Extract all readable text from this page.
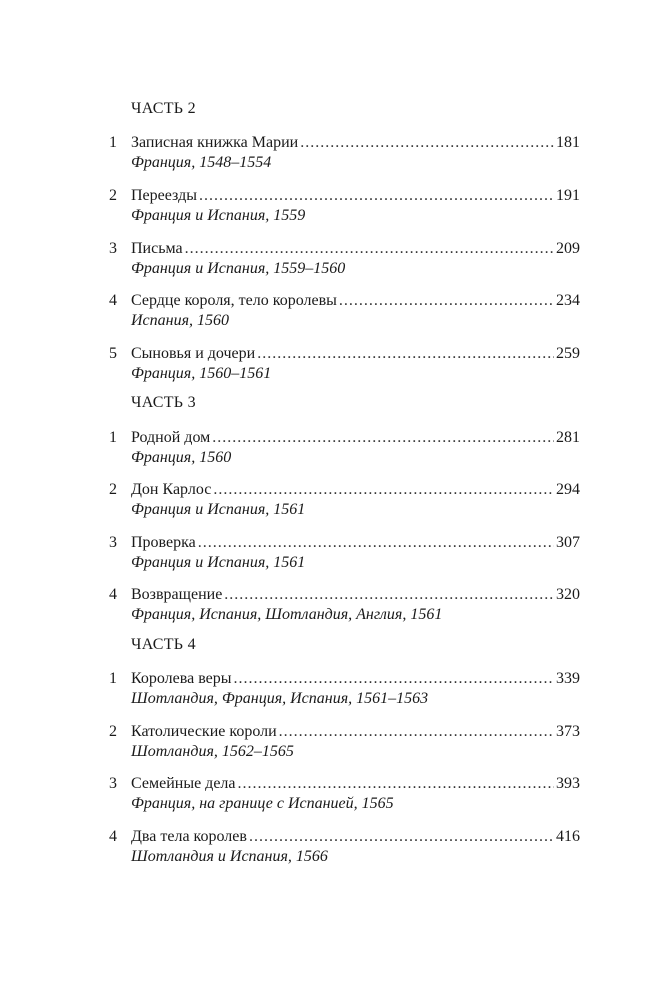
ЧАСТЬ 2
1 Записная книжка Марии .....	181
Франция, 1548–1554
2 Переезды .....	191
Франция и Испания, 1559
3 Письма .....	209
Франция и Испания, 1559–1560
4 Сердце короля, тело королевы .....	234
Испания, 1560
5 Сыновья и дочери .....	259
Франция, 1560–1561
ЧАСТЬ 3
1 Родной дом .....	281
Франция, 1560
2 Дон Карлос .....	294
Франция и Испания, 1561
3 Проверка .....	307
Франция и Испания, 1561
4 Возвращение .....	320
Франция, Испания, Шотландия, Англия, 1561
ЧАСТЬ 4
1 Королева веры .....	339
Шотландия, Франция, Испания, 1561–1563
2 Католические короли .....	373
Шотландия, 1562–1565
3 Семейные дела .....	393
Франция, на границе с Испанией, 1565
4 Два тела королев .....	416
Шотландия и Испания, 1566
